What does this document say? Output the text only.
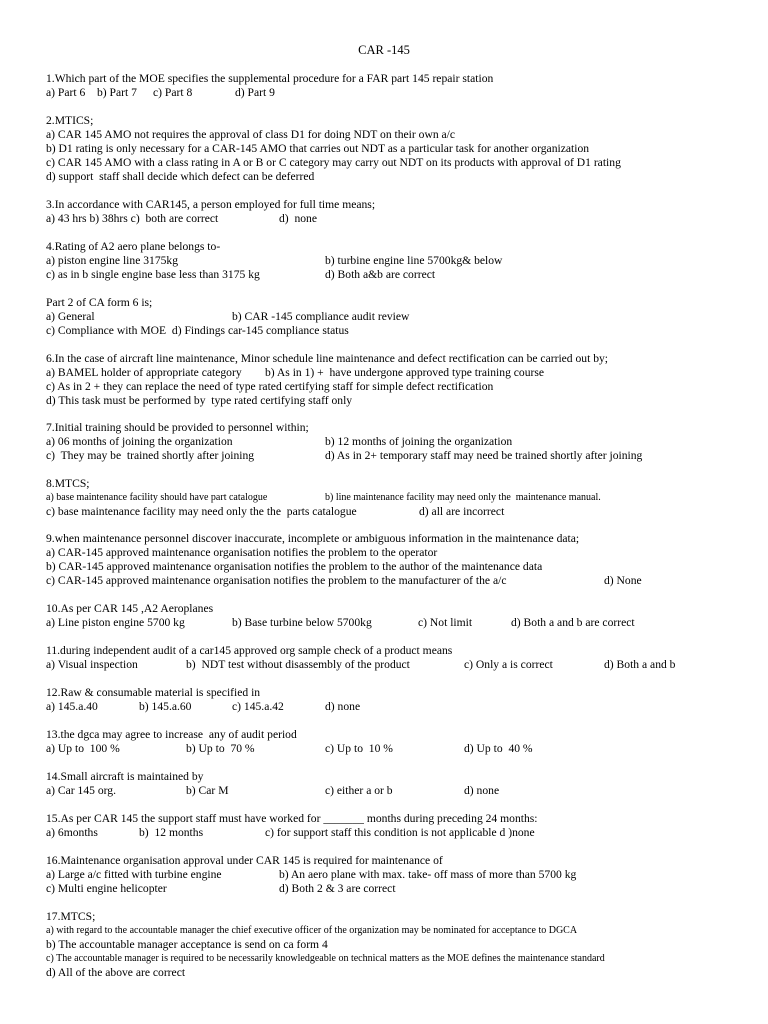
CAR -145
1.Which part of the MOE specifies the supplemental procedure for a FAR part 145 repair station

a) Part 6

b) Part 7

c) Part 8

	d) Part 9

2.MTICS;
a) CAR 145 AMO not requires the approval of class D1 for doing NDT on their own a/c
b) D1 rating is only necessary for a CAR-145 AMO that carries out NDT as a particular task for another organization
c) CAR 145 AMO with a class rating in A or B or C category may carry out NDT on its products with approval of D1 rating
d) support  staff shall decide which defect can be deferred
3.In accordance with CAR145, a person employed for full time means;

a) 43 hrs b) 38hrs c)  both are correct

	d)  none

4.Rating of A2 aero plane belongs to-

a) piston engine line 3175kg

	b) turbine engine line 5700kg& below

c) as in b single engine base less than 3175 kg

	d) Both a&b are correct

Part 2 of CA form 6 is;

a) General

	b) CAR -145 compliance audit review

c) Compliance with MOE  d) Findings car-145 compliance status
6.In the case of aircraft line maintenance, Minor schedule line maintenance and defect rectification can be carried out by;

a) BAMEL holder of appropriate category

b) As in 1) +  have undergone approved type training course

c) As in 2 + they can replace the need of type rated certifying staff for simple defect rectification
d) This task must be performed by  type rated certifying staff only
7.Initial training should be provided to personnel within;

a) 06 months of joining the organization

	b) 12 months of joining the organization

c)  They may be  trained shortly after joining

	d) As in 2+ temporary staff may need be trained shortly after joining

8.MTCS;

a) base maintenance facility should have part catalogue

	b) line maintenance facility may need only the  maintenance manual.

c) base maintenance facility may need only the the  parts catalogue

	d) all are incorrect

9.when maintenance personnel discover inaccurate, incomplete or ambiguous information in the maintenance data;
a) CAR-145 approved maintenance organisation notifies the problem to the operator
b) CAR-145 approved maintenance organisation notifies the problem to the author of the maintenance data

c) CAR-145 approved maintenance organisation notifies the problem to the manufacturer of the a/c

	d) None

10.As per CAR 145 ,A2 Aeroplanes

a) Line piston engine 5700 kg

	b) Base turbine below 5700kg

	c) Not limit

	d) Both a and b are correct

11.during independent audit of a car145 approved org sample check of a product means

a) Visual inspection

	b)  NDT test without disassembly of the product

	c) Only a is correct

	d) Both a and b

12.Raw & consumable material is specified in

a) 145.a.40

	b) 145.a.60

	c) 145.a.42

	d) none

13.the dgca may agree to increase  any of audit period

a) Up to  100 %

	b) Up to  70 %

	c) Up to  10 %

	d) Up to  40 %

14.Small aircraft is maintained by

a) Car 145 org.

	b) Car M

	c) either a or b

	d) none

15.As per CAR 145 the support staff must have worked for _______ months during preceding 24 months:

a) 6months

	b)  12 months

	c) for support staff this condition is not applicable d )none

16.Maintenance organisation approval under CAR 145 is required for maintenance of

a) Large a/c fitted with turbine engine

	b) An aero plane with max. take- off mass of more than 5700 kg

c) Multi engine helicopter

	d) Both 2 & 3 are correct

17.MTCS;
a) with regard to the accountable manager the chief executive officer of the organization may be nominated for acceptance to DGCA
b) The accountable manager acceptance is send on ca form 4
c) The accountable manager is required to be necessarily knowledgeable on technical matters as the MOE defines the maintenance standard
d) All of the above are correct
